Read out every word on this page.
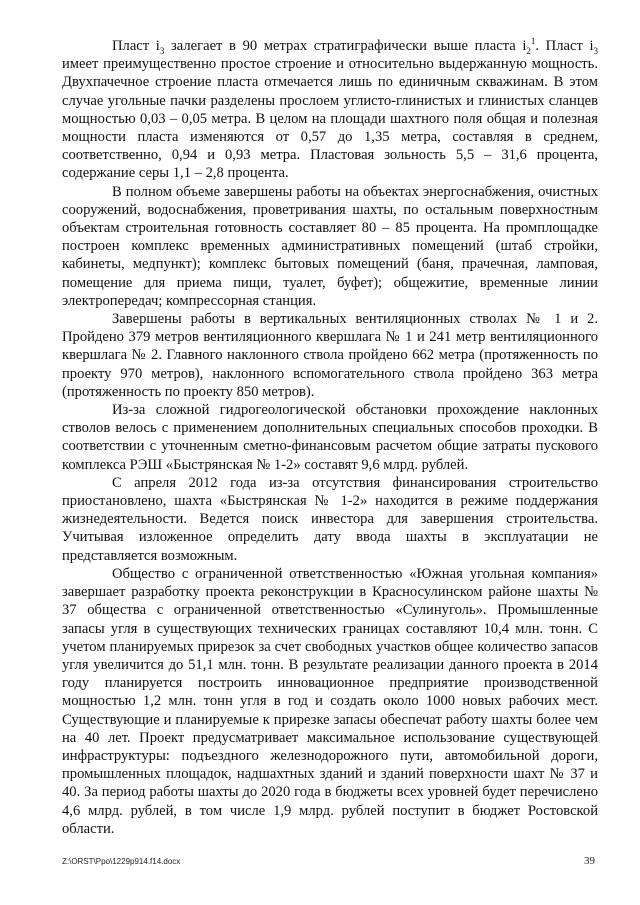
Пласт $i_3$ залегает в 90 метрах стратиграфически выше пласта $i_2^1$. Пласт $i_3$ имеет преимущественно простое строение и относительно выдержанную мощность. Двухпачечное строение пласта отмечается лишь по единичным скважинам. В этом случае угольные пачки разделены прослоем углисто-глинистых и глинистых сланцев мощностью 0,03 – 0,05 метра. В целом на площади шахтного поля общая и полезная мощности пласта изменяются от 0,57 до 1,35 метра, составляя в среднем, соответственно, 0,94 и 0,93 метра. Пластовая зольность 5,5 – 31,6 процента, содержание серы 1,1 – 2,8 процента.

В полном объеме завершены работы на объектах энергоснабжения, очистных сооружений, водоснабжения, проветривания шахты, по остальным поверхностным объектам строительная готовность составляет 80 – 85 процента. На промплощадке построен комплекс временных административных помещений (штаб стройки, кабинеты, медпункт); комплекс бытовых помещений (баня, прачечная, ламповая, помещение для приема пищи, туалет, буфет); общежитие, временные линии электропередач; компрессорная станция.

Завершены работы в вертикальных вентиляционных стволах № 1 и 2. Пройдено 379 метров вентиляционного квершлага № 1 и 241 метр вентиляционного квершлага № 2. Главного наклонного ствола пройдено 662 метра (протяженность по проекту 970 метров), наклонного вспомогательного ствола пройдено 363 метра (протяженность по проекту 850 метров).

Из-за сложной гидрогеологической обстановки прохождение наклонных стволов велось с применением дополнительных специальных способов проходки. В соответствии с уточненным сметно-финансовым расчетом общие затраты пускового комплекса РЭШ «Быстрянская № 1-2» составят 9,6 млрд. рублей.

С апреля 2012 года из-за отсутствия финансирования строительство приостановлено, шахта «Быстрянская № 1-2» находится в режиме поддержания жизнедеятельности. Ведется поиск инвестора для завершения строительства. Учитывая изложенное определить дату ввода шахты в эксплуатации не представляется возможным.

Общество с ограниченной ответственностью «Южная угольная компания» завершает разработку проекта реконструкции в Красносулинском районе шахты № 37 общества с ограниченной ответственностью «Сулинуголь». Промышленные запасы угля в существующих технических границах составляют 10,4 млн. тонн. С учетом планируемых прирезок за счет свободных участков общее количество запасов угля увеличится до 51,1 млн. тонн. В результате реализации данного проекта в 2014 году планируется построить инновационное предприятие производственной мощностью 1,2 млн. тонн угля в год и создать около 1000 новых рабочих мест. Существующие и планируемые к прирезке запасы обеспечат работу шахты более чем на 40 лет. Проект предусматривает максимальное использование существующей инфраструктуры: подъездного железнодорожного пути, автомобильной дороги, промышленных площадок, надшахтных зданий и зданий поверхности шахт № 37 и 40. За период работы шахты до 2020 года в бюджеты всех уровней будет перечислено 4,6 млрд. рублей, в том числе 1,9 млрд. рублей поступит в бюджет Ростовской области.

Z:\ORST\Ppo\1229p914.f14.docx	39
